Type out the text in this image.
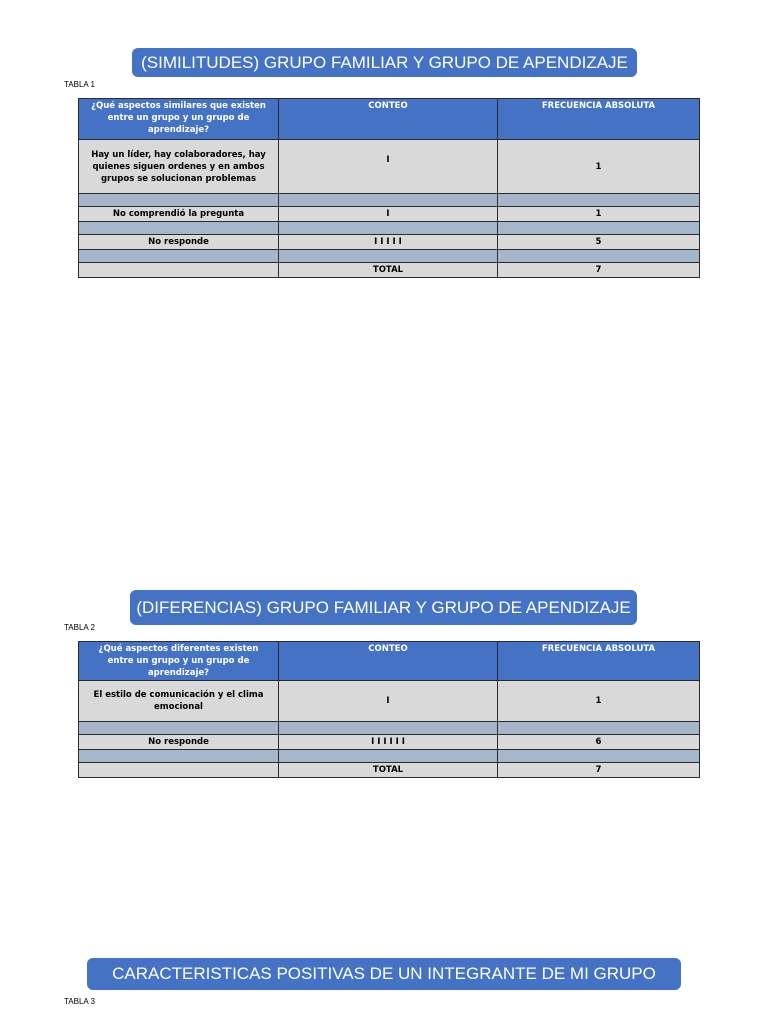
(SIMILITUDES) GRUPO FAMILIAR Y GRUPO DE APENDIZAJE
TABLA 1
¿Qué aspectos similares que existen entre un grupo y un grupo de aprendizaje?	CONTEO	FRECUENCIA ABSOLUTA
Hay un líder, hay colaboradores, hay quienes siguen ordenes y en ambos grupos se solucionan problemas	I	1

No comprendió la pregunta	I	1

No responde	I I I I I	5

	TOTAL	7
(DIFERENCIAS) GRUPO FAMILIAR Y GRUPO DE APENDIZAJE
TABLA 2
¿Qué aspectos diferentes existen entre un grupo y un grupo de aprendizaje?	CONTEO	FRECUENCIA ABSOLUTA
El estilo de comunicación y el clima emocional	I	1

No responde	I I I I I I	6

	TOTAL	7
CARACTERISTICAS POSITIVAS DE UN INTEGRANTE DE MI GRUPO
TABLA 3
